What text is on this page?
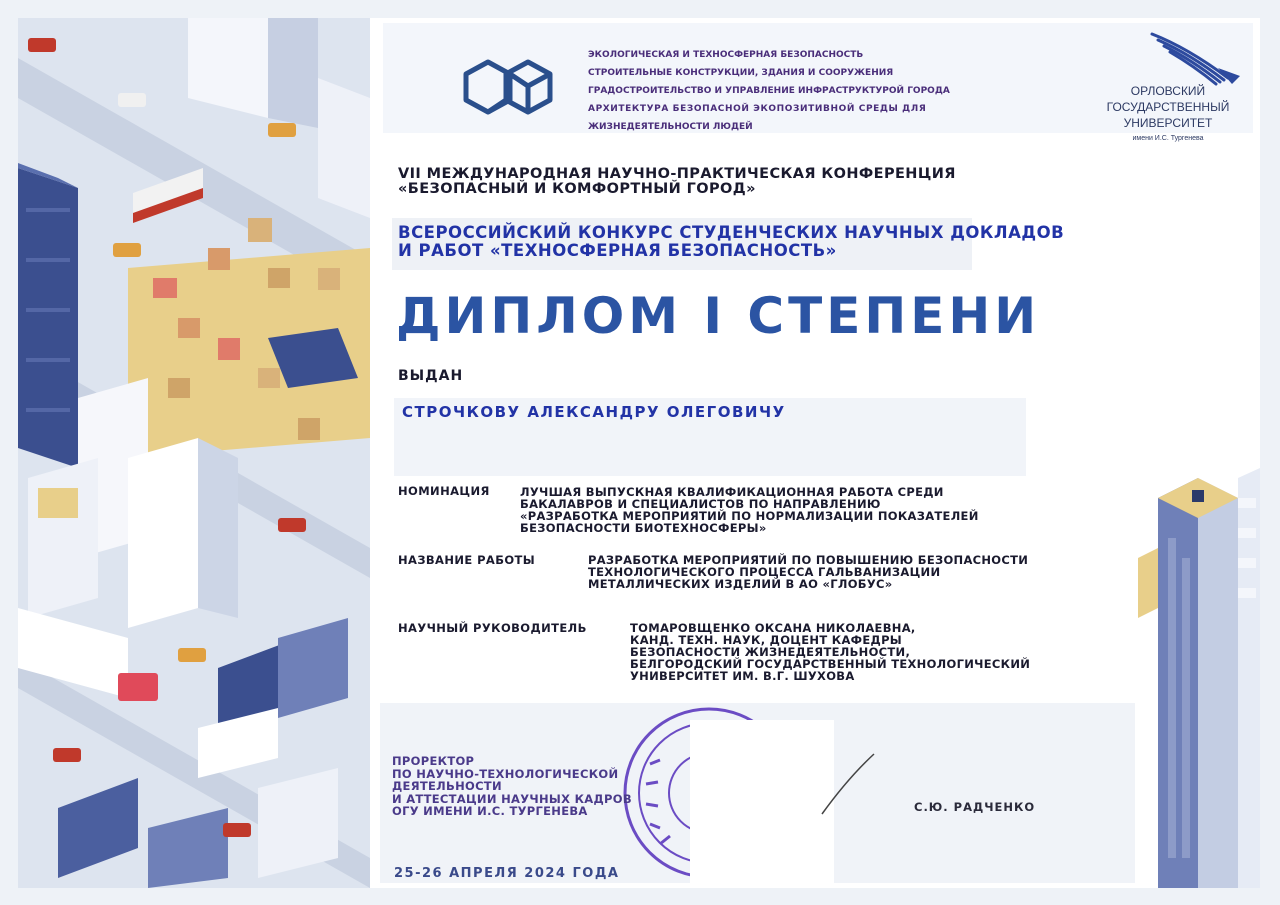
ЭКОЛОГИЧЕСКАЯ И ТЕХНОСФЕРНАЯ БЕЗОПАСНОСТЬ
СТРОИТЕЛЬНЫЕ КОНСТРУКЦИИ, ЗДАНИЯ И СООРУЖЕНИЯ
ГРАДОСТРОИТЕЛЬСТВО И УПРАВЛЕНИЕ ИНФРАСТРУКТУРОЙ ГОРОДА
АРХИТЕКТУРА БЕЗОПАСНОЙ ЭКОПОЗИТИВНОЙ СРЕДЫ ДЛЯ
ЖИЗНЕДЕЯТЕЛЬНОСТИ ЛЮДЕЙ
ОРЛОВСКИЙ
ГОСУДАРСТВЕННЫЙ
УНИВЕРСИТЕТ
имени И.С. Тургенева
VII МЕЖДУНАРОДНАЯ НАУЧНО-ПРАКТИЧЕСКАЯ КОНФЕРЕНЦИЯ
«БЕЗОПАСНЫЙ И КОМФОРТНЫЙ ГОРОД»
ВСЕРОССИЙСКИЙ КОНКУРС СТУДЕНЧЕСКИХ НАУЧНЫХ ДОКЛАДОВ
И РАБОТ «ТЕХНОСФЕРНАЯ БЕЗОПАСНОСТЬ»
ДИПЛОМ I СТЕПЕНИ
ВЫДАН
СТРОЧКОВУ АЛЕКСАНДРУ ОЛЕГОВИЧУ
НОМИНАЦИЯ	ЛУЧШАЯ ВЫПУСКНАЯ КВАЛИФИКАЦИОННАЯ РАБОТА СРЕДИ
БАКАЛАВРОВ И СПЕЦИАЛИСТОВ ПО НАПРАВЛЕНИЮ
«РАЗРАБОТКА МЕРОПРИЯТИЙ ПО НОРМАЛИЗАЦИИ ПОКАЗАТЕЛЕЙ
БЕЗОПАСНОСТИ БИОТЕХНОСФЕРЫ»
НАЗВАНИЕ РАБОТЫ	РАЗРАБОТКА МЕРОПРИЯТИЙ ПО ПОВЫШЕНИЮ БЕЗОПАСНОСТИ
ТЕХНОЛОГИЧЕСКОГО ПРОЦЕССА ГАЛЬВАНИЗАЦИИ
МЕТАЛЛИЧЕСКИХ ИЗДЕЛИЙ В АО «ГЛОБУС»
НАУЧНЫЙ РУКОВОДИТЕЛЬ	ТОМАРОВЩЕНКО ОКСАНА НИКОЛАЕВНА,
КАНД. ТЕХН. НАУК, ДОЦЕНТ КАФЕДРЫ
БЕЗОПАСНОСТИ ЖИЗНЕДЕЯТЕЛЬНОСТИ,
БЕЛГОРОДСКИЙ ГОСУДАРСТВЕННЫЙ ТЕХНОЛОГИЧЕСКИЙ
УНИВЕРСИТЕТ ИМ. В.Г. ШУХОВА
ПРОРЕКТОР
ПО НАУЧНО-ТЕХНОЛОГИЧЕСКОЙ
ДЕЯТЕЛЬНОСТИ
И АТТЕСТАЦИИ НАУЧНЫХ КАДРОВ
ОГУ ИМЕНИ И.С. ТУРГЕНЕВА	С.Ю. РАДЧЕНКО
25-26 АПРЕЛЯ 2024 ГОДА
